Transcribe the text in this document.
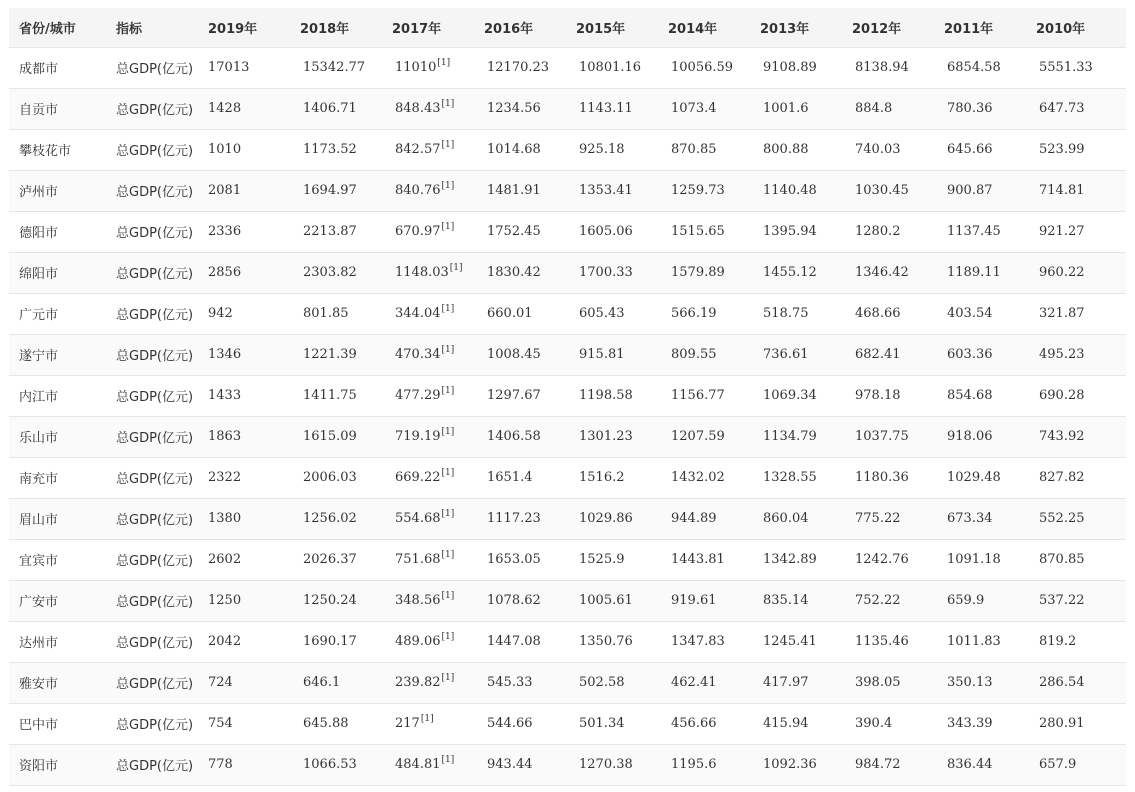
省份/城市	指标	2019年	2018年	2017年	2016年	2015年	2014年	2013年	2012年	2011年	2010年
成都市	总GDP(亿元)	17013	15342.77	11010[1]	12170.23	10801.16	10056.59	9108.89	8138.94	6854.58	5551.33
自贡市	总GDP(亿元)	1428	1406.71	848.43[1]	1234.56	1143.11	1073.4	1001.6	884.8	780.36	647.73
攀枝花市	总GDP(亿元)	1010	1173.52	842.57[1]	1014.68	925.18	870.85	800.88	740.03	645.66	523.99
泸州市	总GDP(亿元)	2081	1694.97	840.76[1]	1481.91	1353.41	1259.73	1140.48	1030.45	900.87	714.81
德阳市	总GDP(亿元)	2336	2213.87	670.97[1]	1752.45	1605.06	1515.65	1395.94	1280.2	1137.45	921.27
绵阳市	总GDP(亿元)	2856	2303.82	1148.03[1]	1830.42	1700.33	1579.89	1455.12	1346.42	1189.11	960.22
广元市	总GDP(亿元)	942	801.85	344.04[1]	660.01	605.43	566.19	518.75	468.66	403.54	321.87
遂宁市	总GDP(亿元)	1346	1221.39	470.34[1]	1008.45	915.81	809.55	736.61	682.41	603.36	495.23
内江市	总GDP(亿元)	1433	1411.75	477.29[1]	1297.67	1198.58	1156.77	1069.34	978.18	854.68	690.28
乐山市	总GDP(亿元)	1863	1615.09	719.19[1]	1406.58	1301.23	1207.59	1134.79	1037.75	918.06	743.92
南充市	总GDP(亿元)	2322	2006.03	669.22[1]	1651.4	1516.2	1432.02	1328.55	1180.36	1029.48	827.82
眉山市	总GDP(亿元)	1380	1256.02	554.68[1]	1117.23	1029.86	944.89	860.04	775.22	673.34	552.25
宜宾市	总GDP(亿元)	2602	2026.37	751.68[1]	1653.05	1525.9	1443.81	1342.89	1242.76	1091.18	870.85
广安市	总GDP(亿元)	1250	1250.24	348.56[1]	1078.62	1005.61	919.61	835.14	752.22	659.9	537.22
达州市	总GDP(亿元)	2042	1690.17	489.06[1]	1447.08	1350.76	1347.83	1245.41	1135.46	1011.83	819.2
雅安市	总GDP(亿元)	724	646.1	239.82[1]	545.33	502.58	462.41	417.97	398.05	350.13	286.54
巴中市	总GDP(亿元)	754	645.88	217[1]	544.66	501.34	456.66	415.94	390.4	343.39	280.91
资阳市	总GDP(亿元)	778	1066.53	484.81[1]	943.44	1270.38	1195.6	1092.36	984.72	836.44	657.9
